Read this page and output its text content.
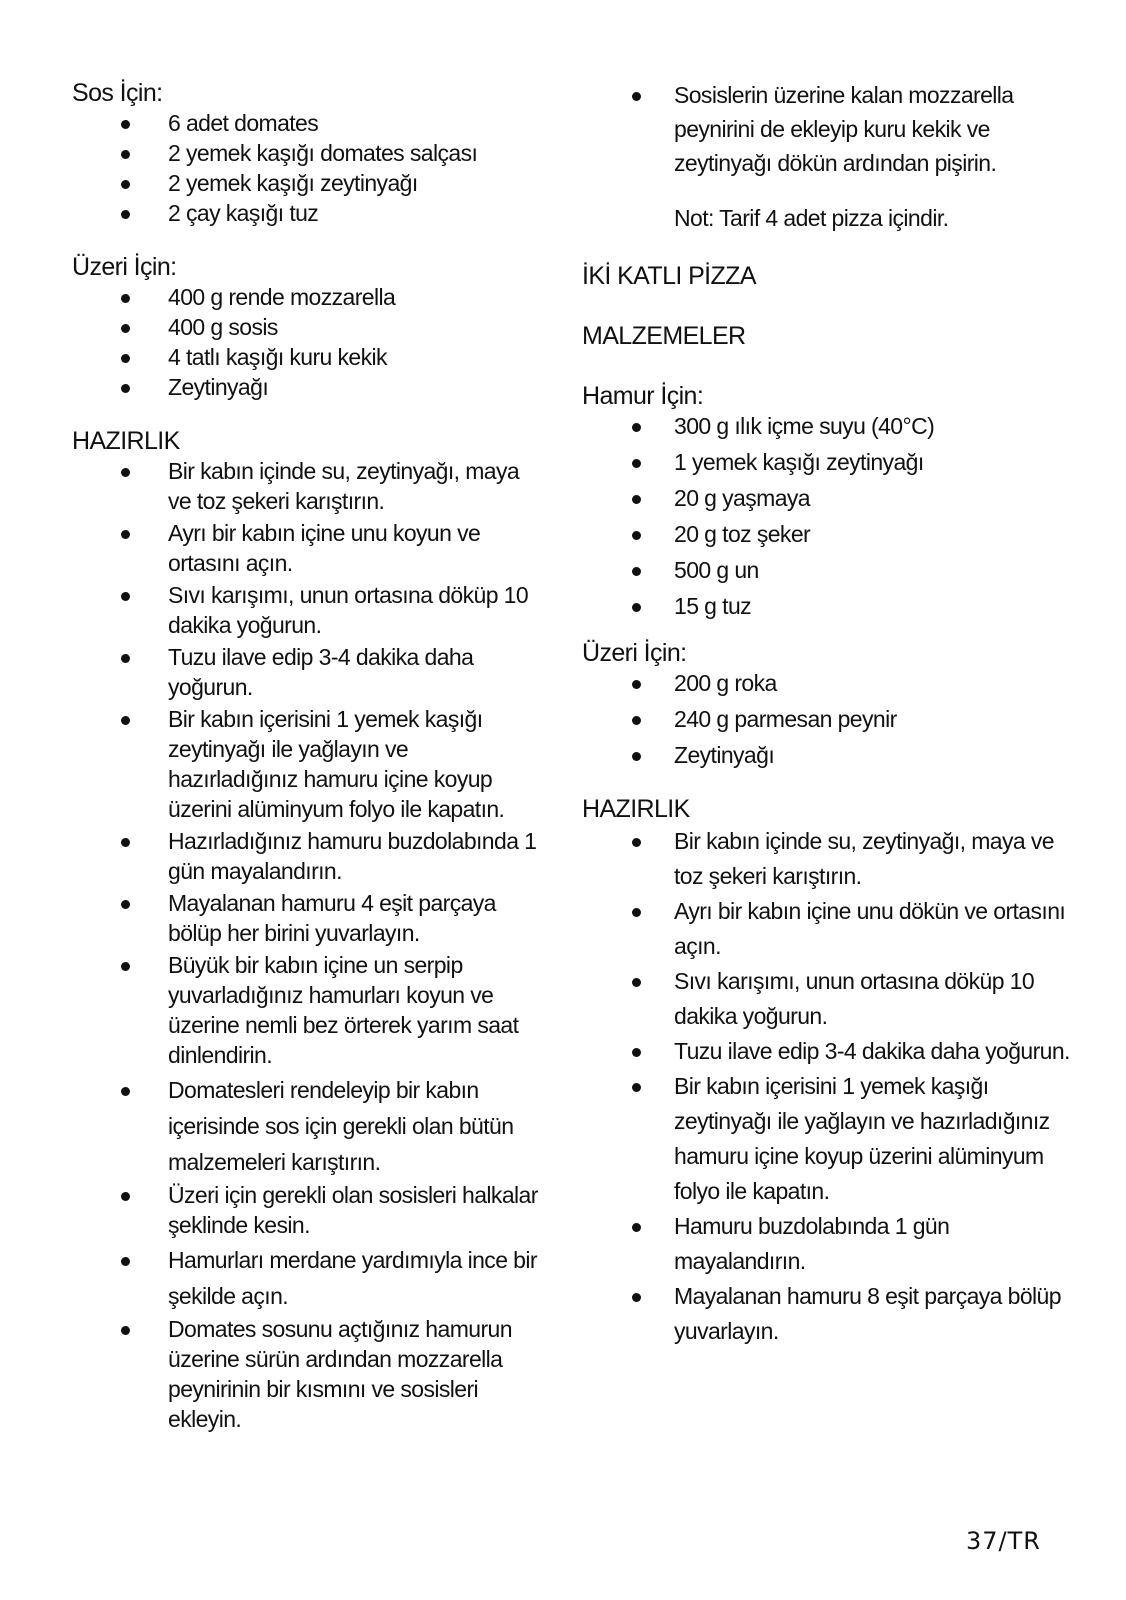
Sos İçin:
6 adet domates
2 yemek kaşığı domates salçası
2 yemek kaşığı zeytinyağı
2 çay kaşığı tuz
Üzeri İçin:
400 g rende mozzarella
400 g sosis
4 tatlı kaşığı kuru kekik
Zeytinyağı
HAZIRLIK
Bir kabın içinde su, zeytinyağı, maya ve toz şekeri karıştırın.
Ayrı bir kabın içine unu koyun ve ortasını açın.
Sıvı karışımı, unun ortasına döküp 10 dakika yoğurun.
Tuzu ilave edip 3-4 dakika daha yoğurun.
Bir kabın içerisini 1 yemek kaşığı zeytinyağı ile yağlayın ve hazırladığınız hamuru içine koyup üzerini alüminyum folyo ile kapatın.
Hazırladığınız hamuru buzdolabında 1 gün mayalandırın.
Mayalanan hamuru 4 eşit parçaya bölüp her birini yuvarlayın.
Büyük bir kabın içine un serpip yuvarladığınız hamurları koyun ve üzerine nemli bez örterek yarım saat dinlendirin.
Domatesleri rendeleyip bir kabın içerisinde sos için gerekli olan bütün malzemeleri karıştırın.
Üzeri için gerekli olan sosisleri halkalar şeklinde kesin.
Hamurları merdane yardımıyla ince bir şekilde açın.
Domates sosunu açtığınız hamurun üzerine sürün ardından mozzarella peynirinin bir kısmını ve sosisleri ekleyin.
Sosislerin üzerine kalan mozzarella peynirini de ekleyip kuru kekik ve zeytinyağı dökün ardından pişirin.
Not: Tarif 4 adet pizza içindir.
İKİ KATLI PİZZA
MALZEMELER
Hamur İçin:
300 g ılık içme suyu (40°C)
1 yemek kaşığı zeytinyağı
20 g yaşmaya
20 g toz şeker
500 g un
15 g tuz
Üzeri İçin:
200 g roka
240 g parmesan peynir
Zeytinyağı
HAZIRLIK
Bir kabın içinde su, zeytinyağı, maya ve toz şekeri karıştırın.
Ayrı bir kabın içine unu dökün ve ortasını açın.
Sıvı karışımı, unun ortasına döküp 10 dakika yoğurun.
Tuzu ilave edip 3-4 dakika daha yoğurun.
Bir kabın içerisini 1 yemek kaşığı zeytinyağı ile yağlayın ve hazırladığınız hamuru içine koyup üzerini alüminyum folyo ile kapatın.
Hamuru buzdolabında 1 gün mayalandırın.
Mayalanan hamuru 8 eşit parçaya bölüp yuvarlayın.
37/TR
